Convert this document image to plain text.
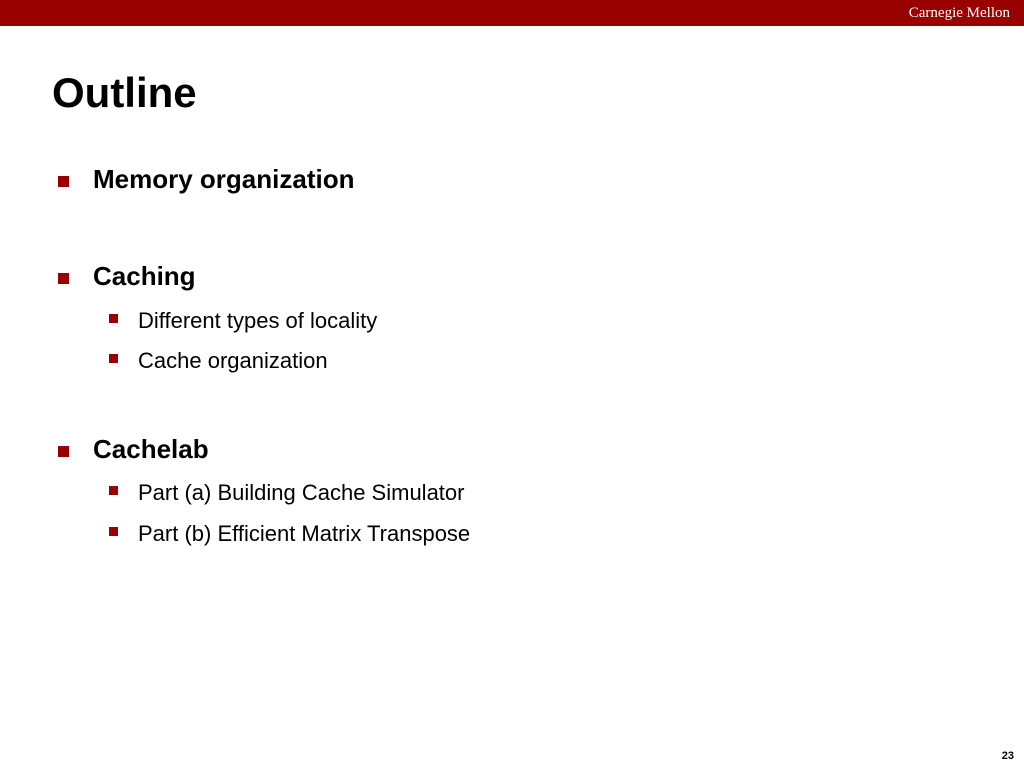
Carnegie Mellon
Outline
Memory organization
Caching
Different types of locality
Cache organization
Cachelab
Part (a) Building Cache Simulator
Part (b) Efficient Matrix Transpose
23
